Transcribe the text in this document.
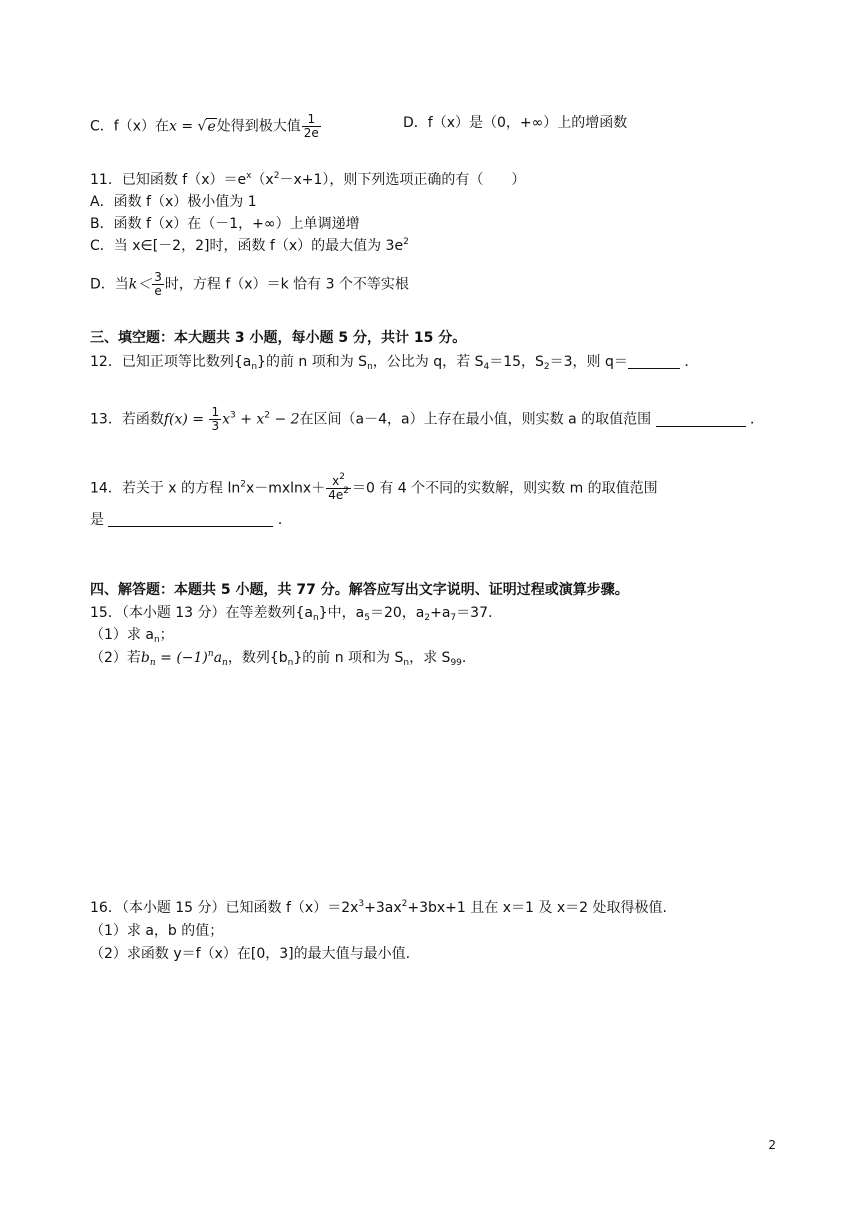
C．f（x）在x = √e处得到极大值 $\frac{1}{2e}$	D．f（x）是（0，+∞）上的增函数
11．已知函数 $f(x)=e^x(x^2-x+1)$，则下列选项正确的有（　　）
A．函数 f（x）极小值为 1
B．函数 f（x）在（－1，+∞）上单调递增
C．当 x∈[－2，2]时，函数 f（x）的最大值为 $3e^2$
D．当$k< \frac{3}{e}$ 时，方程 f（x）＝k 恰有 3 个不等实根
三、填空题：本大题共 3 小题，每小题 5 分，共计 15 分。
12．已知正项等比数列$\{a_n\}$的前 n 项和为 $S_n$，公比为 q，若 $S_4=15$，$S_2=3$，则 q＝	．
13．若函数$f(x) = \frac{1}{3} x^3 + x^2 - 2$在区间（a－4，a）上存在最小值，则实数 a 的取值范围	．
14．若关于 x 的方程 $\ln^2x-mxlnx+ \frac{x^2}{4e^2} =0$ 有 4 个不同的实数解，则实数 m 的取值范围
是	．
四、解答题：本题共 5 小题，共 77 分。解答应写出文字说明、证明过程或演算步骤。
15．（本小题 13 分）在等差数列$\{a_n\}$中，$a_5=20$，$a_2+a_7=37$.
（1）求 $a_n$；
（2）若$b_n = (-1)^na_n$，数列$\{b_n\}$的前 n 项和为 $S_n$，求 $S_{99}$.
16．（本小题 15 分）已知函数 $f(x)=2x^3+3ax^2+3bx+1$ 且在 x＝1 及 x＝2 处取得极值.
（1）求 a，b 的值；
（2）求函数 y＝f（x）在[0，3]的最大值与最小值.
2
